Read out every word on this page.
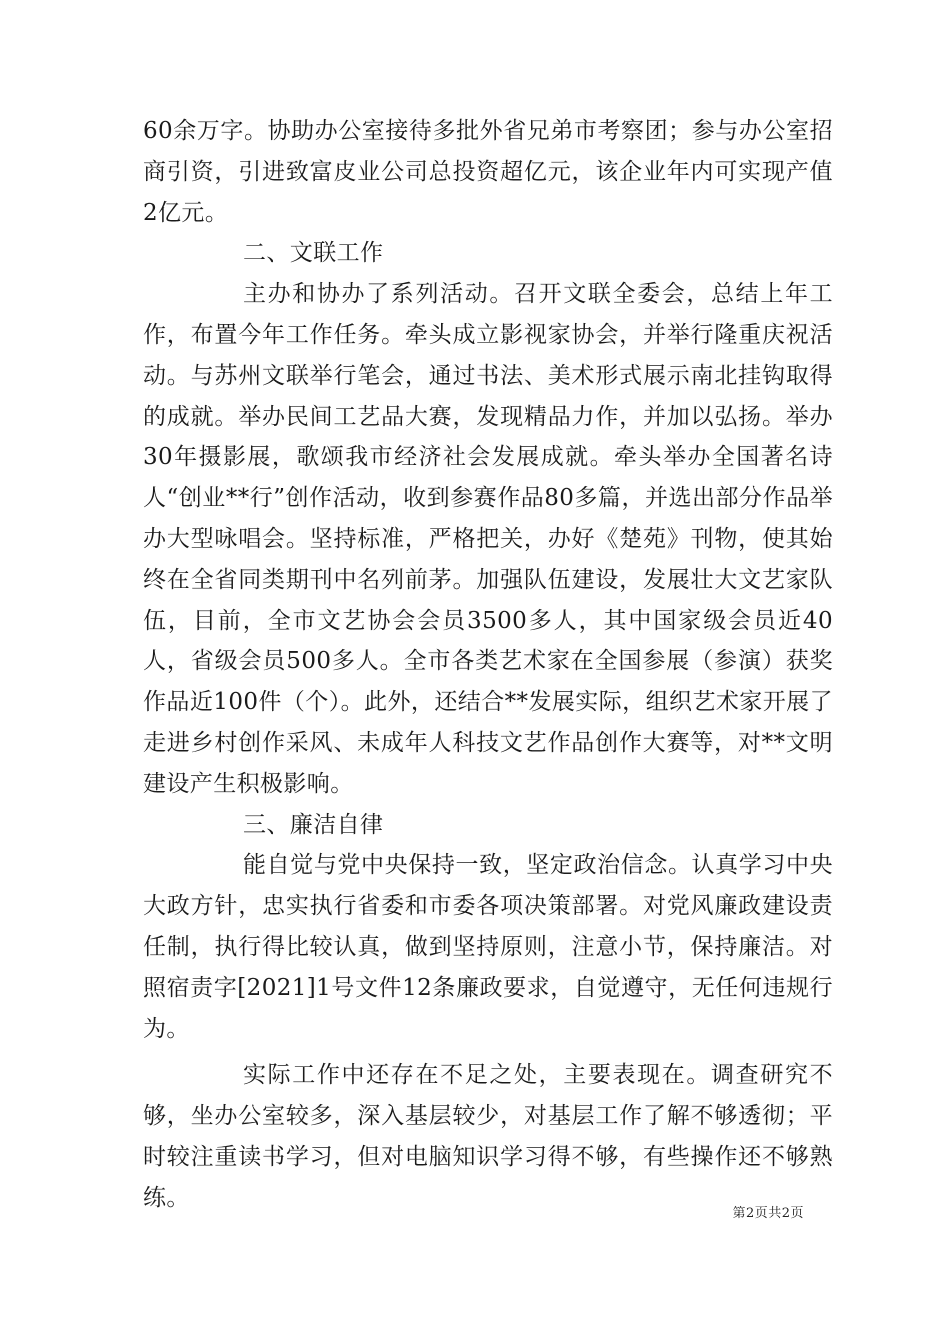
60余万字。协助办公室接待多批外省兄弟市考察团；参与办公室招商引资，引进致富皮业公司总投资超亿元，该企业年内可实现产值2亿元。

二、文联工作

主办和协办了系列活动。召开文联全委会，总结上年工作，布置今年工作任务。牵头成立影视家协会，并举行隆重庆祝活动。与苏州文联举行笔会，通过书法、美术形式展示南北挂钩取得的成就。举办民间工艺品大赛，发现精品力作，并加以弘扬。举办30年摄影展，歌颂我市经济社会发展成就。牵头举办全国著名诗人“创业**行”创作活动，收到参赛作品80多篇，并选出部分作品举办大型咏唱会。坚持标准，严格把关，办好《楚苑》刊物，使其始终在全省同类期刊中名列前茅。加强队伍建设，发展壮大文艺家队伍，目前，全市文艺协会会员3500多人，其中国家级会员近40人，省级会员500多人。全市各类艺术家在全国参展（参演）获奖作品近100件（个）。此外，还结合**发展实际，组织艺术家开展了走进乡村创作采风、未成年人科技文艺作品创作大赛等，对**文明建设产生积极影响。

三、廉洁自律

能自觉与党中央保持一致，坚定政治信念。认真学习中央大政方针，忠实执行省委和市委各项决策部署。对党风廉政建设责任制，执行得比较认真，做到坚持原则，注意小节，保持廉洁。对照宿责字[2021]1号文件12条廉政要求，自觉遵守，无任何违规行为。

实际工作中还存在不足之处，主要表现在。调查研究不够，坐办公室较多，深入基层较少，对基层工作了解不够透彻；平时较注重读书学习，但对电脑知识学习得不够，有些操作还不够熟练。

第2页共2页
